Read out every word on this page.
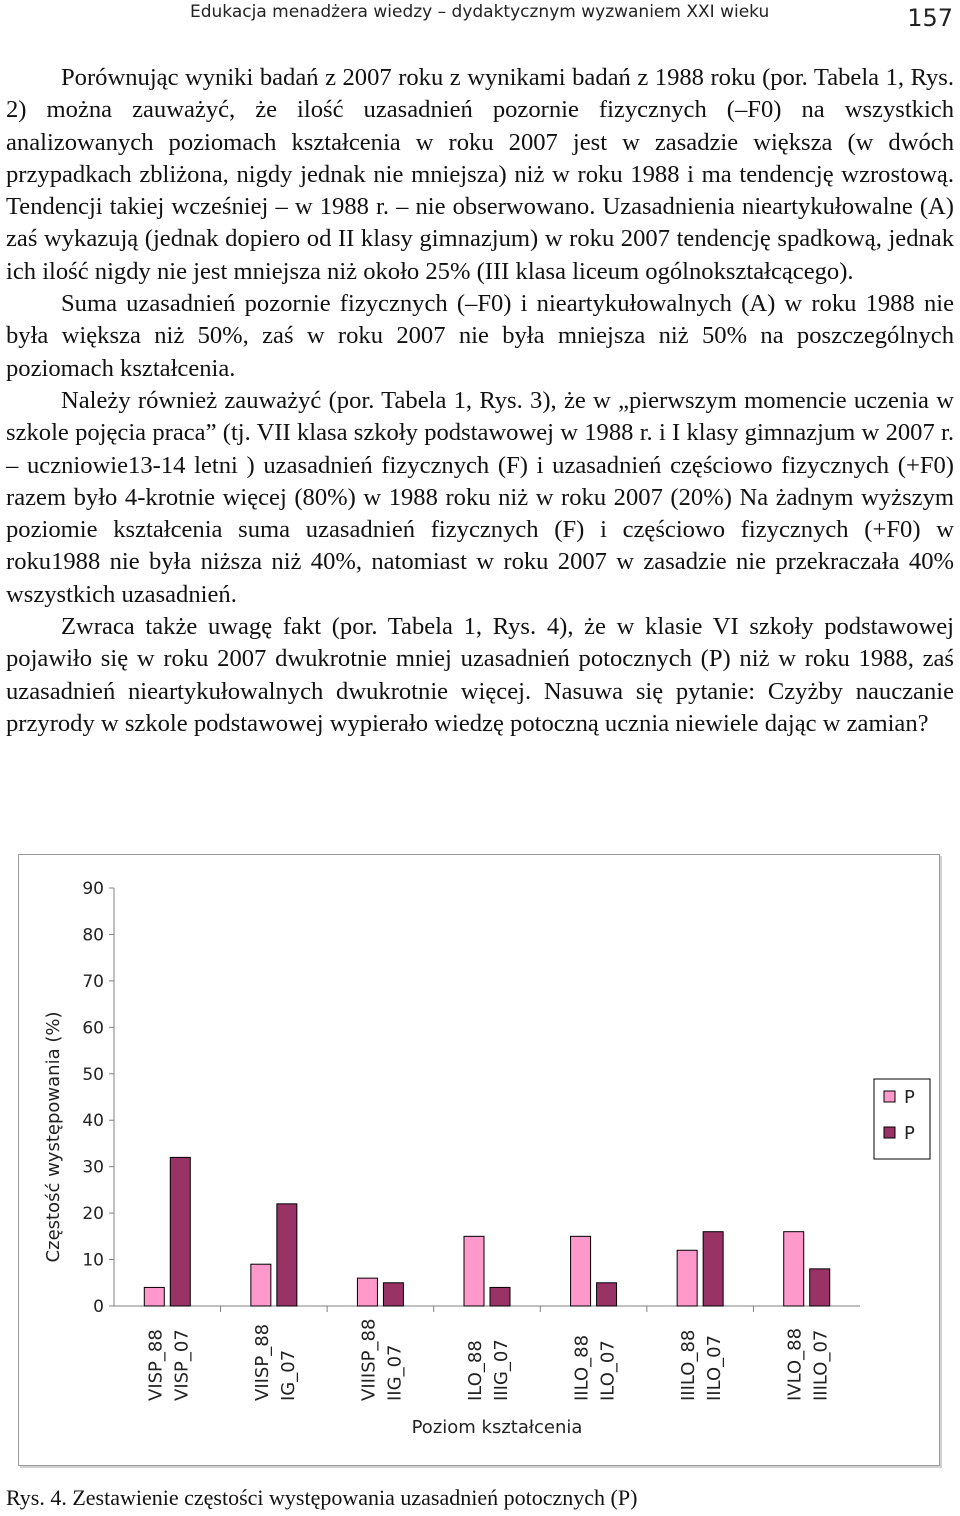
Edukacja menadżera wiedzy – dydaktycznym wyzwaniem XXI wieku	157

Porównując wyniki badań z 2007 roku z wynikami badań z 1988 roku (por. Tabela 1, Rys. 2) można zauważyć, że ilość uzasadnień pozornie fizycznych (–F0) na wszystkich analizowanych poziomach kształcenia w roku 2007 jest w zasadzie większa (w dwóch przypadkach zbliżona, nigdy jednak nie mniejsza) niż w roku 1988 i ma tendencję wzrostową. Tendencji takiej wcześniej – w 1988 r. – nie obserwowano. Uzasadnienia nieartykułowalne (A) zaś wykazują (jednak dopiero od II klasy gimnazjum) w roku 2007 tendencję spadkową, jednak ich ilość nigdy nie jest mniejsza niż około 25% (III klasa liceum ogólnokształcącego).

Suma uzasadnień pozornie fizycznych (–F0) i nieartykułowalnych (A) w roku 1988 nie była większa niż 50%, zaś w roku 2007 nie była mniejsza niż 50% na poszczególnych poziomach kształcenia.

Należy również zauważyć (por. Tabela 1, Rys. 3), że w „pierwszym momencie uczenia w szkole pojęcia praca” (tj. VII klasa szkoły podstawowej w 1988 r. i I klasy gimnazjum w 2007 r. – uczniowie13-14 letni ) uzasadnień fizycznych (F) i uzasadnień częściowo fizycznych (+F0) razem było 4-krotnie więcej (80%) w 1988 roku niż w roku 2007 (20%) Na żadnym wyższym poziomie kształcenia suma uzasadnień fizycznych (F) i częściowo fizycznych (+F0) w roku1988 nie była niższa niż 40%, natomiast w roku 2007 w zasadzie nie przekraczała 40% wszystkich uzasadnień.

Zwraca także uwagę fakt (por. Tabela 1, Rys. 4), że w klasie VI szkoły podstawowej pojawiło się w roku 2007 dwukrotnie mniej uzasadnień potocznych (P) niż w roku 1988, zaś uzasadnień nieartykułowalnych dwukrotnie więcej. Nasuwa się pytanie: Czyżby nauczanie przyrody w szkole podstawowej wypierało wiedzę potoczną ucznia niewiele dając w zamian?

0
10
20
30
40
50
60
70
80
90
Częstość występowania (%)
VISP_88 VISP_07	VIISP_88 IG_07	VIIISP_88 IIG_07	ILO_88 IIIG_07	IILO_88 ILO_07	IIILO_88 IILO_07	IVLO_88 IIILO_07
Poziom kształcenia
P
P
Rys. 4. Zestawienie częstości występowania uzasadnień potocznych (P)
